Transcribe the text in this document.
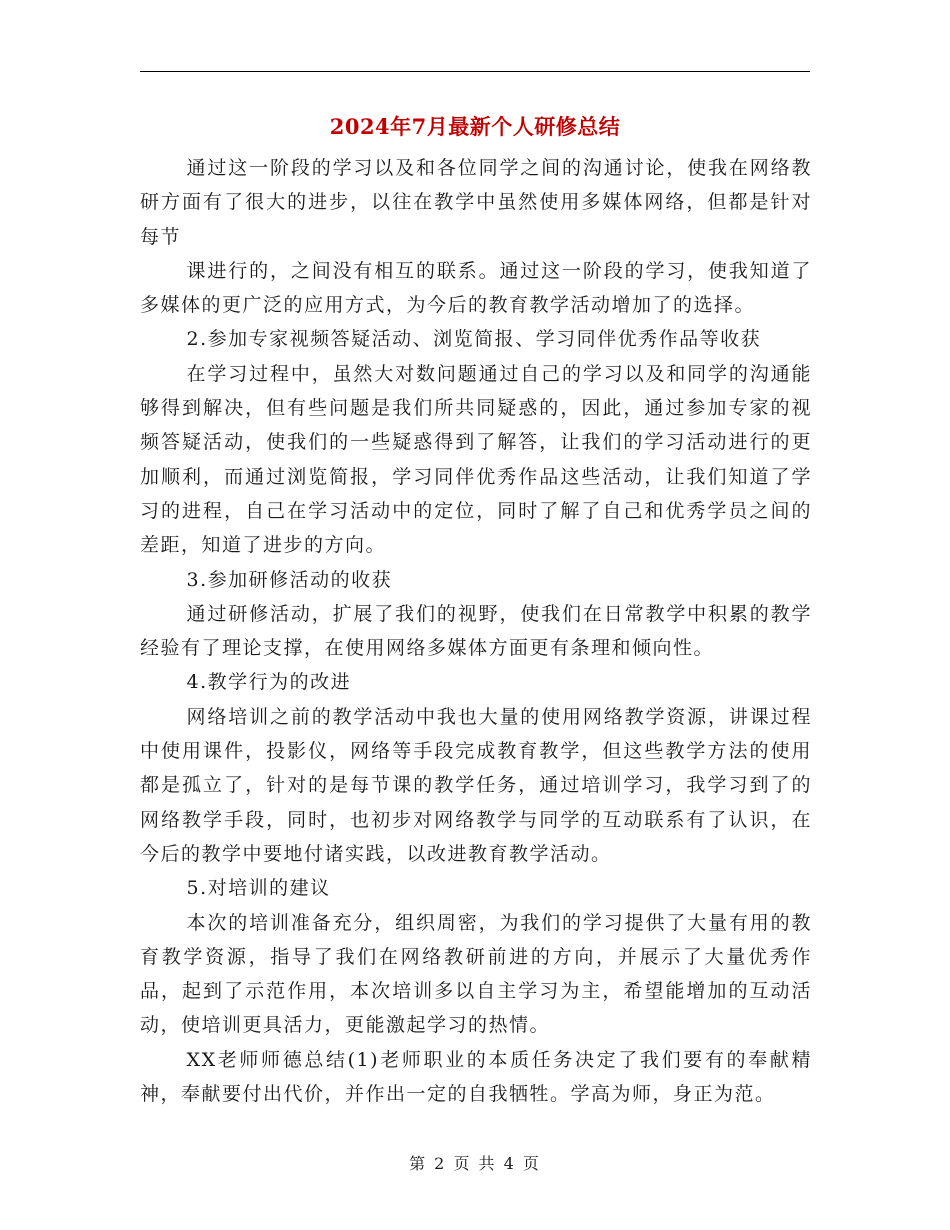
2024年7月最新个人研修总结

通过这一阶段的学习以及和各位同学之间的沟通讨论，使我在网络教研方面有了很大的进步，以往在教学中虽然使用多媒体网络，但都是针对每节

课进行的，之间没有相互的联系。通过这一阶段的学习，使我知道了多媒体的更广泛的应用方式，为今后的教育教学活动增加了的选择。

2.参加专家视频答疑活动、浏览简报、学习同伴优秀作品等收获

在学习过程中，虽然大对数问题通过自己的学习以及和同学的沟通能够得到解决，但有些问题是我们所共同疑惑的，因此，通过参加专家的视频答疑活动，使我们的一些疑惑得到了解答，让我们的学习活动进行的更加顺利，而通过浏览简报，学习同伴优秀作品这些活动，让我们知道了学习的进程，自己在学习活动中的定位，同时了解了自己和优秀学员之间的差距，知道了进步的方向。

3.参加研修活动的收获

通过研修活动，扩展了我们的视野，使我们在日常教学中积累的教学经验有了理论支撑，在使用网络多媒体方面更有条理和倾向性。

4.教学行为的改进

网络培训之前的教学活动中我也大量的使用网络教学资源，讲课过程中使用课件，投影仪，网络等手段完成教育教学，但这些教学方法的使用都是孤立了，针对的是每节课的教学任务，通过培训学习，我学习到了的网络教学手段，同时，也初步对网络教学与同学的互动联系有了认识，在今后的教学中要地付诸实践，以改进教育教学活动。

5.对培训的建议

本次的培训准备充分，组织周密，为我们的学习提供了大量有用的教育教学资源，指导了我们在网络教研前进的方向，并展示了大量优秀作品，起到了示范作用，本次培训多以自主学习为主，希望能增加的互动活动，使培训更具活力，更能激起学习的热情。

XX老师师德总结(1)老师职业的本质任务决定了我们要有的奉献精神，奉献要付出代价，并作出一定的自我牺牲。学高为师，身正为范。

第 2 页 共 4 页
